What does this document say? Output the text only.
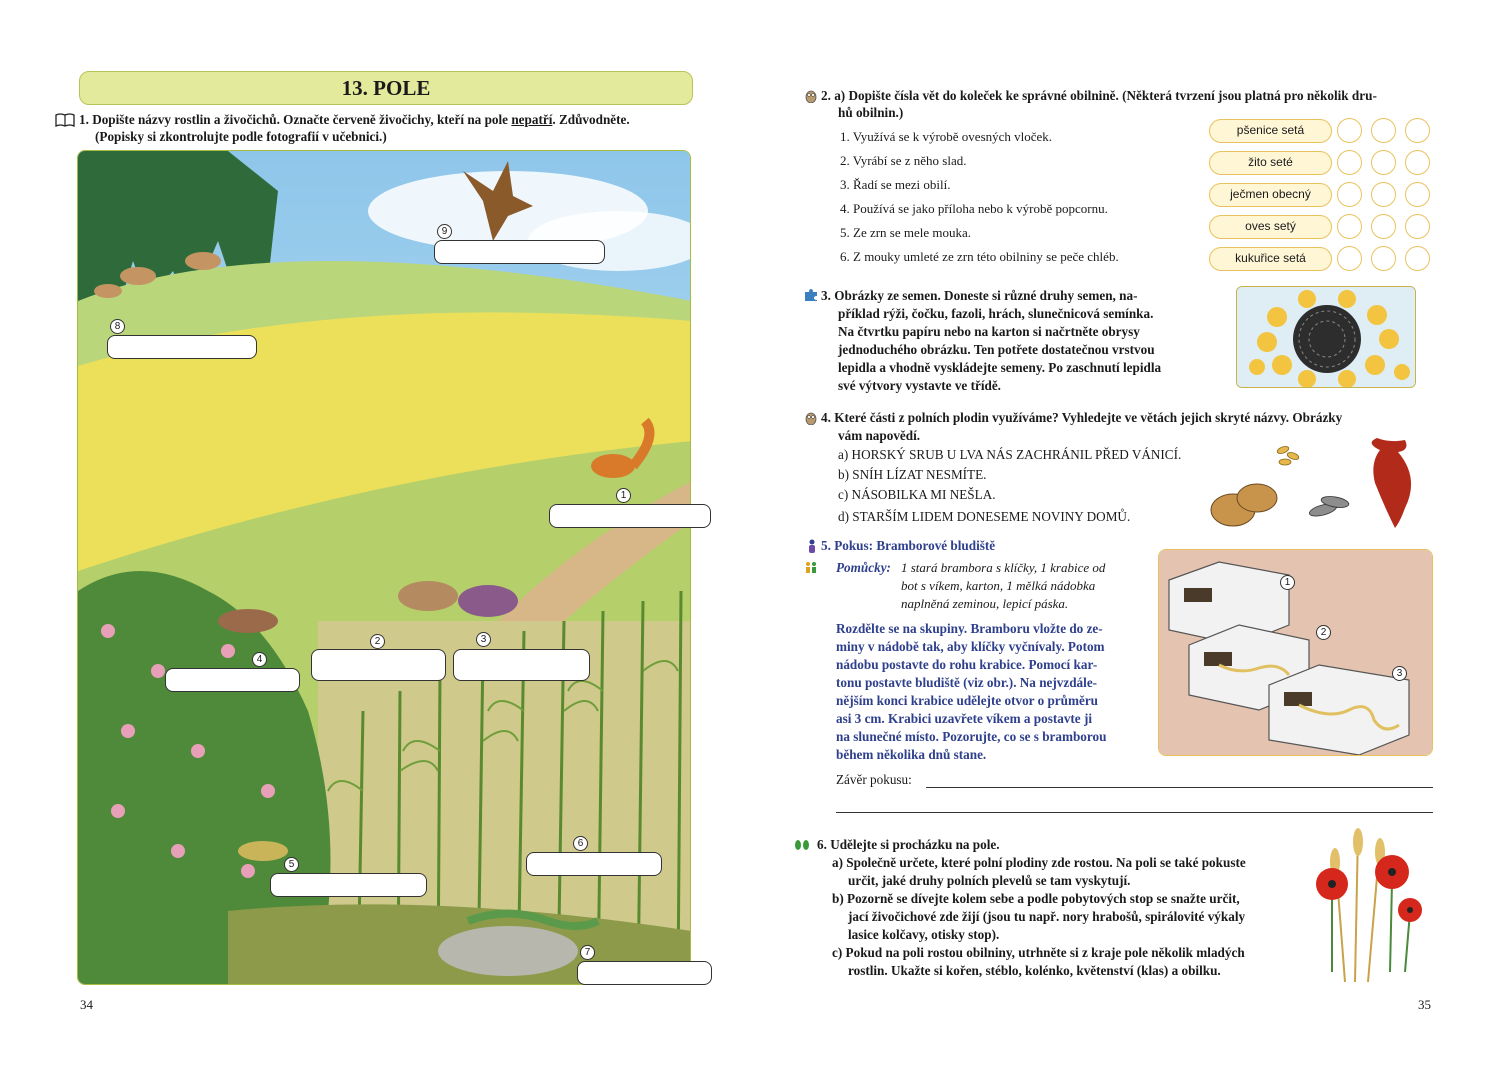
13. POLE
1. Dopište názvy rostlin a živočichů. Označte červeně živočichy, kteří na pole nepatří. Zdůvodněte.
(Popisky si zkontrolujte podle fotografií v učebnici.)
9
8
1
2	3
4
5
6
7
34
2. a) Dopište čísla vět do koleček ke správné obilnině. (Některá tvrzení jsou platná pro několik dru-
hů obilnin.)
1. Využívá se k výrobě ovesných vloček.
2. Vyrábí se z něho slad.
3. Řadí se mezi obilí.
4. Používá se jako příloha nebo k výrobě popcornu.
5. Ze zrn se mele mouka.
6. Z mouky umleté ze zrn této obilniny se peče chléb.
pšenice setá
žito seté
ječmen obecný
oves setý
kukuřice setá
3. Obrázky ze semen. Doneste si různé druhy semen, na-
příklad rýži, čočku, fazoli, hrách, slunečnicová semínka.
Na čtvrtku papíru nebo na karton si načrtněte obrysy
jednoduchého obrázku. Ten potřete dostatečnou vrstvou
lepidla a vhodně vyskládejte semeny. Po zaschnutí lepidla
své výtvory vystavte ve třídě.
4. Které části z polních plodin využíváme? Vyhledejte ve větách jejich skryté názvy. Obrázky
vám napovědí.
a) HORSKÝ SRUB U LVA NÁS ZACHRÁNIL PŘED VÁNICÍ.
b) SNÍH LÍZAT NESMÍTE.
c) NÁSOBILKA MI NEŠLA.
d) STARŠÍM LIDEM DONESEME NOVINY DOMŮ.
5. Pokus: Bramborové bludiště
Pomůcky: 1 stará brambora s klíčky, 1 krabice od
bot s víkem, karton, 1 mělká nádobka
naplněná zeminou, lepicí páska.
Rozdělte se na skupiny. Bramboru vložte do ze-
miny v nádobě tak, aby klíčky vyčnívaly. Potom
nádobu postavte do rohu krabice. Pomocí kar-
tonu postavte bludiště (viz obr.). Na nejvzdále-
nějším konci krabice udělejte otvor o průměru
asi 3 cm. Krabici uzavřete víkem a postavte ji
na slunečné místo. Pozorujte, co se s bramborou
během několika dnů stane.
1
2
3
Závěr pokusu:
6. Udělejte si procházku na pole.
a) Společně určete, které polní plodiny zde rostou. Na poli se také pokuste
určit, jaké druhy polních plevelů se tam vyskytují.
b) Pozorně se dívejte kolem sebe a podle pobytových stop se snažte určit,
jací živočichové zde žijí (jsou tu např. nory hrabošů, spirálovité výkaly
lasice kolčavy, otisky stop).
c) Pokud na poli rostou obilniny, utrhněte si z kraje pole několik mladých
rostlin. Ukažte si kořen, stéblo, kolénko, květenství (klas) a obilku.
35
